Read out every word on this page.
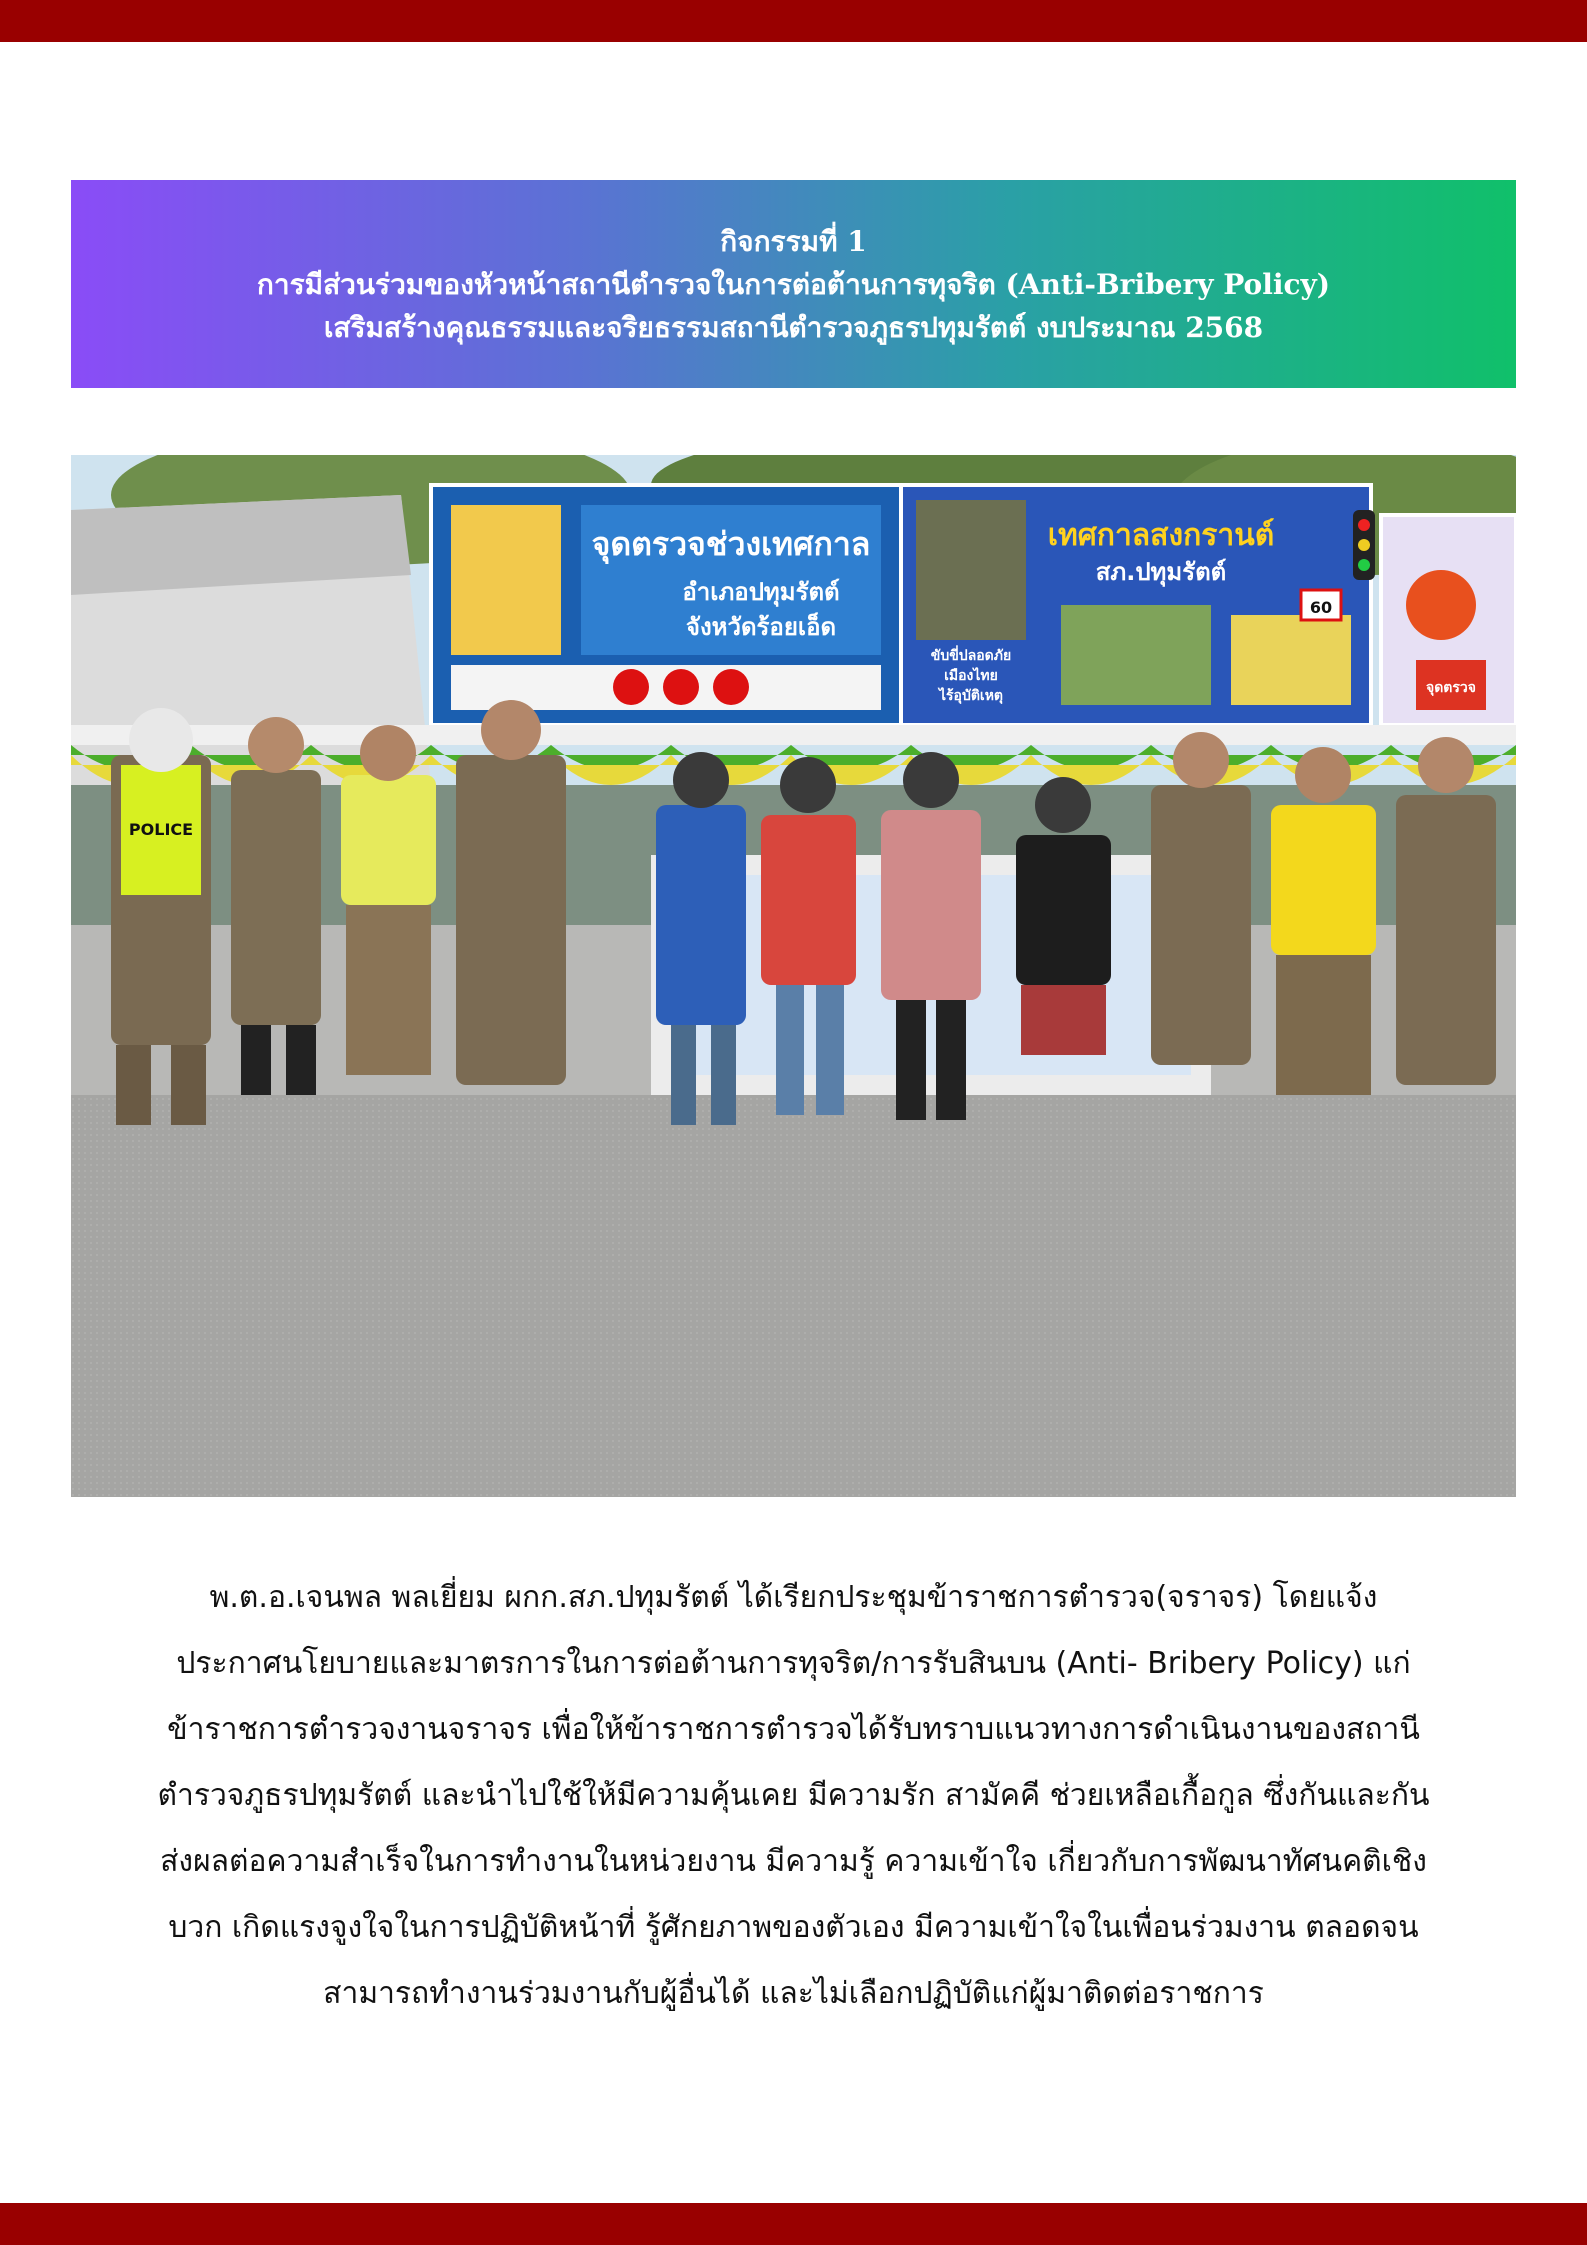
กิจกรรมที่ 1
การมีส่วนร่วมของหัวหน้าสถานีตำรวจในการต่อต้านการทุจริต (Anti-Bribery Policy)
เสริมสร้างคุณธรรมและจริยธรรมสถานีตำรวจภูธรปทุมรัตต์ งบประมาณ 2568
จุดตรวจช่วงเทศกาล
อำเภอปทุมรัตต์
จังหวัดร้อยเอ็ด
เทศกาลสงกรานต์
สภ.ปทุมรัตต์
ขับขี่ปลอดภัย
เมืองไทย
ไร้อุบัติเหตุ
60
จุดตรวจ
POLICE
พ.ต.อ.เจนพล พลเยี่ยม ผกก.สภ.ปทุมรัตต์ ได้เรียกประชุมข้าราชการตำรวจ(จราจร) โดยแจ้ง
ประกาศนโยบายและมาตรการในการต่อต้านการทุจริต/การรับสินบน (Anti- Bribery Policy) แก่
ข้าราชการตำรวจงานจราจร เพื่อให้ข้าราชการตำรวจได้รับทราบแนวทางการดำเนินงานของสถานี
ตำรวจภูธรปทุมรัตต์ และนำไปใช้ให้มีความคุ้นเคย มีความรัก สามัคคี ช่วยเหลือเกื้อกูล ซึ่งกันและกัน
ส่งผลต่อความสำเร็จในการทำงานในหน่วยงาน มีความรู้ ความเข้าใจ เกี่ยวกับการพัฒนาทัศนคติเชิง
บวก เกิดแรงจูงใจในการปฏิบัติหน้าที่ รู้ศักยภาพของตัวเอง มีความเข้าใจในเพื่อนร่วมงาน ตลอดจน
สามารถทำงานร่วมงานกับผู้อื่นได้ และไม่เลือกปฏิบัติแก่ผู้มาติดต่อราชการ
